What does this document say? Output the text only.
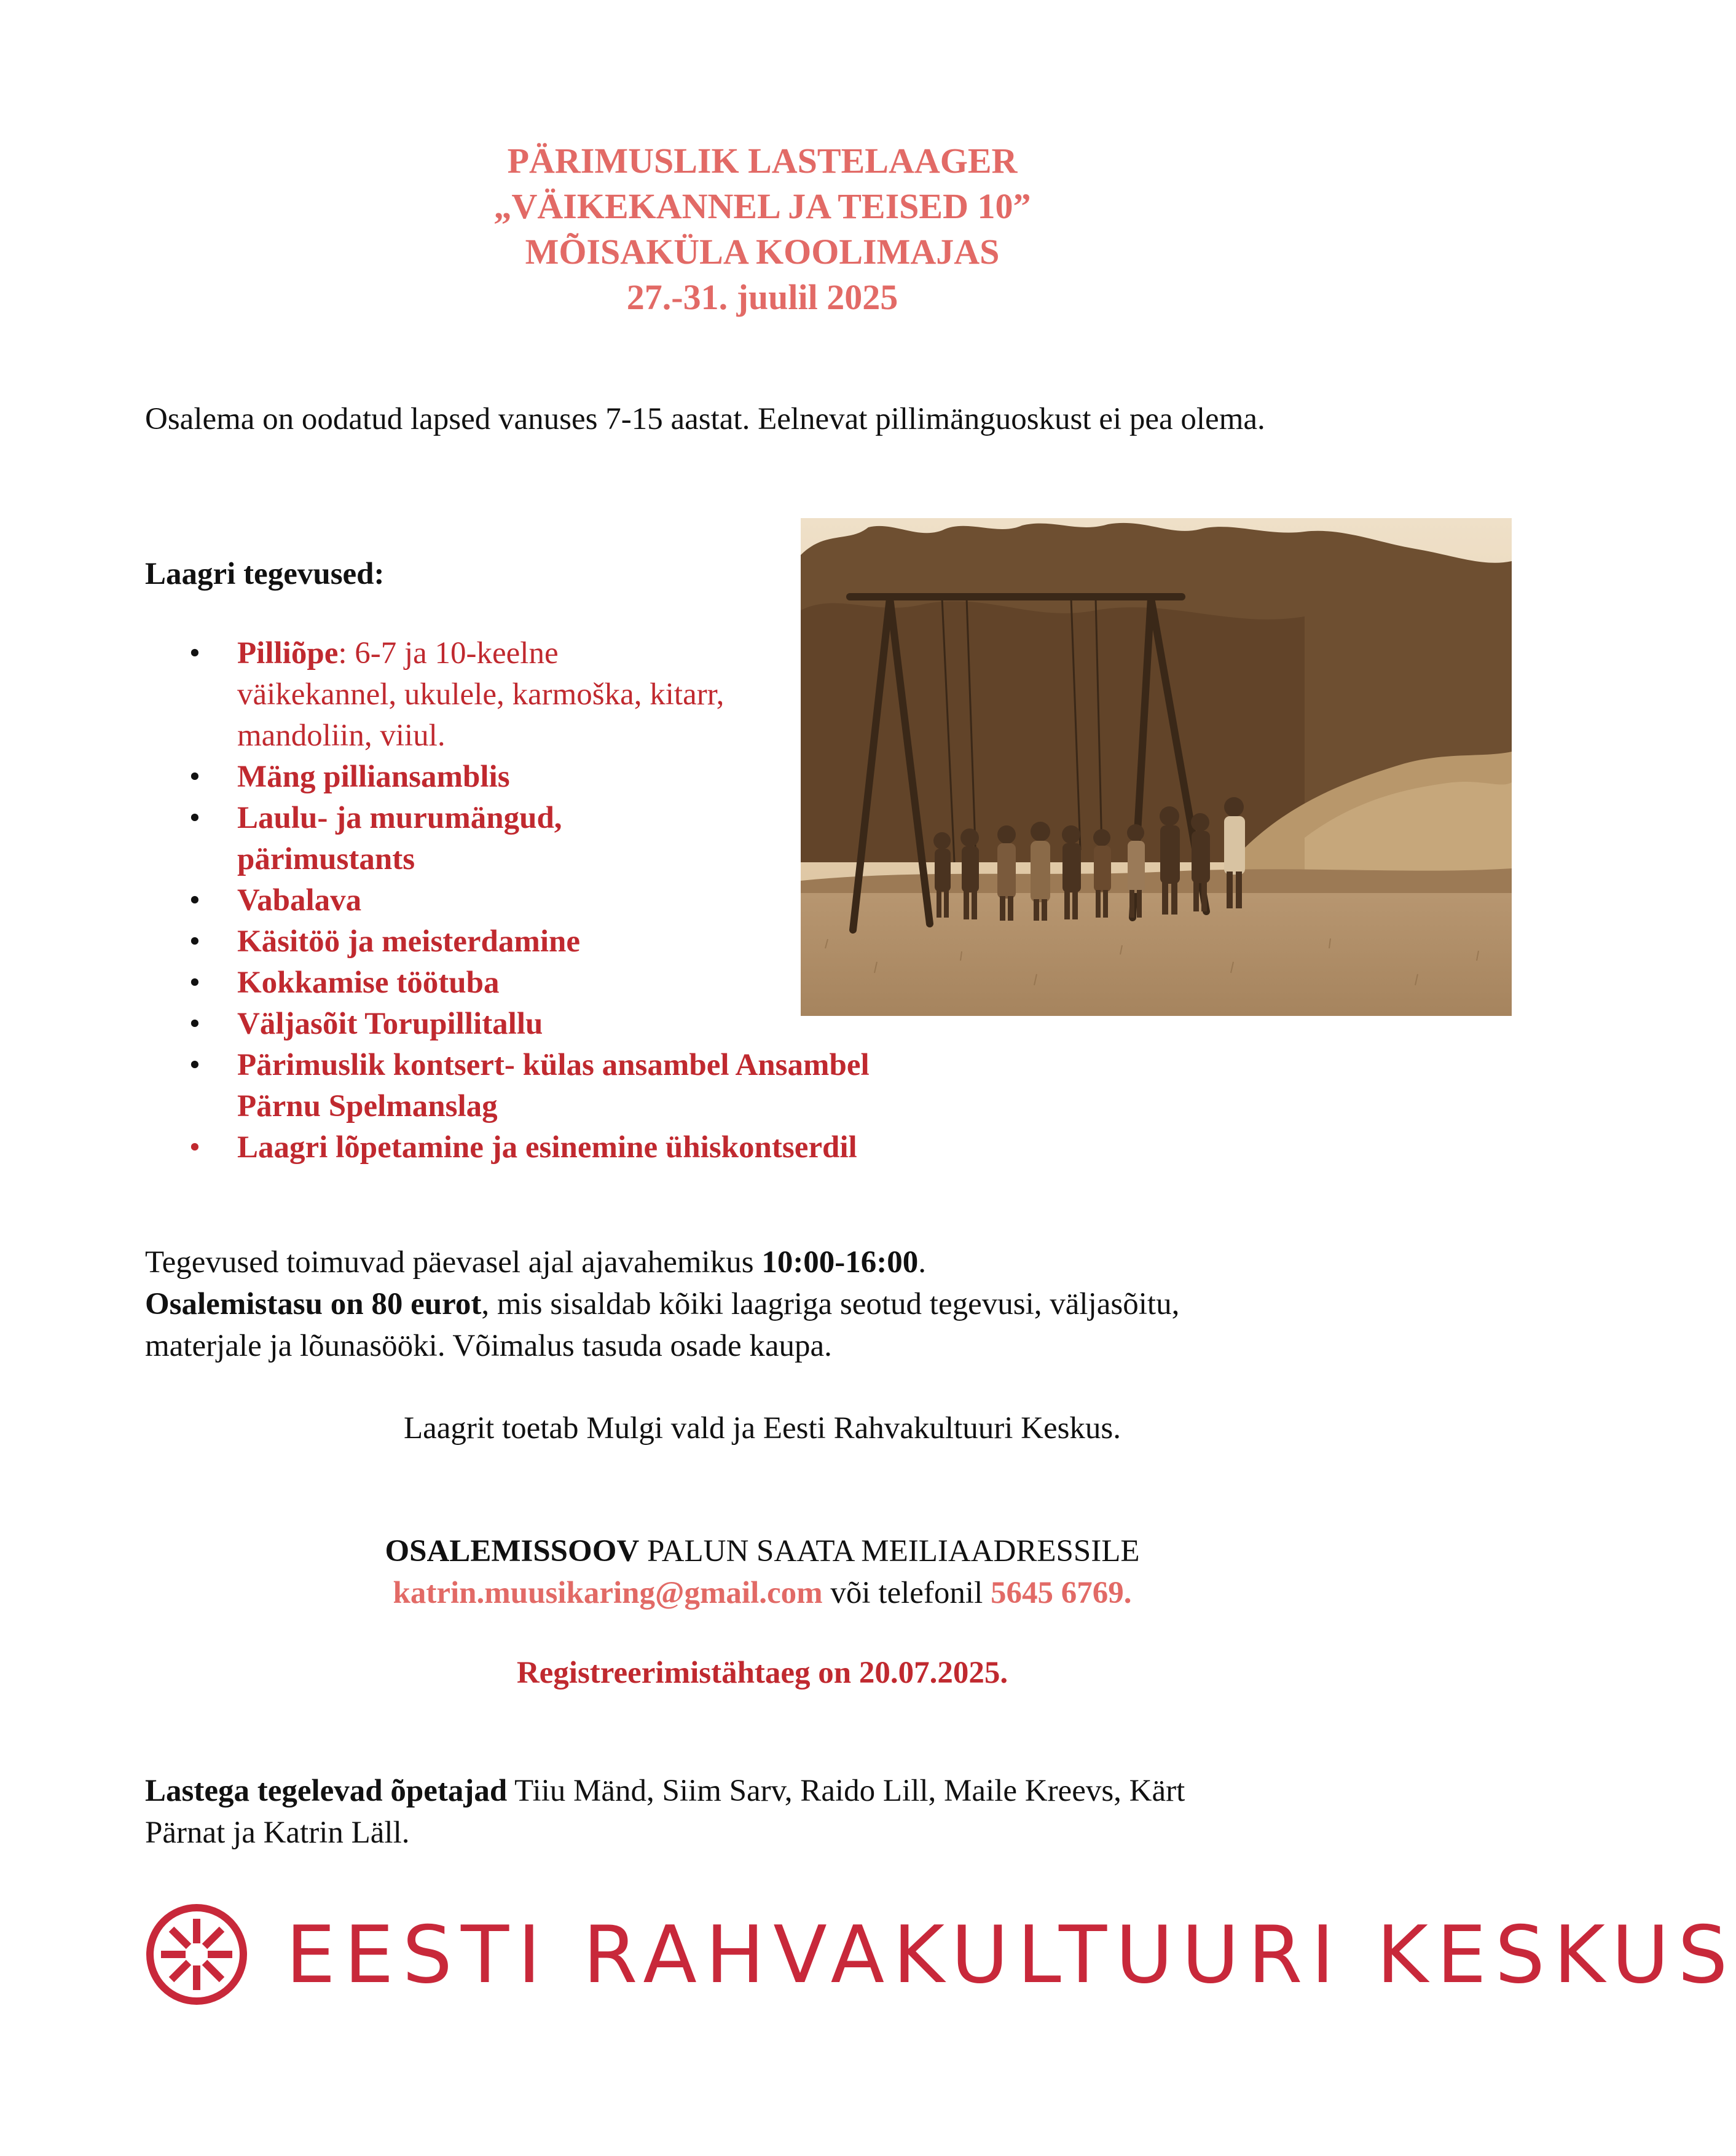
PÄRIMUSLIK LASTELAAGER
„VÄIKEKANNEL JA TEISED 10”
MÕISAKÜLA KOOLIMAJAS
27.-31. juulil 2025
Osalema on oodatud lapsed vanuses 7-15 aastat. Eelnevat pillimänguoskust ei pea olema.
Laagri tegevused:
• Pilliõpe: 6-7 ja 10-keelne
väikekannel, ukulele, karmoška, kitarr,
mandoliin, viiul.
• Mäng pilliansamblis
• Laulu- ja murumängud,
pärimustants
• Vabalava
• Käsitöö ja meisterdamine
• Kokkamise töötuba
• Väljasõit Torupillitallu
• Pärimuslik kontsert- külas ansambel Ansambel
Pärnu Spelmanslag
• Laagri lõpetamine ja esinemine ühiskontserdil
Tegevused toimuvad päevasel ajal ajavahemikus 10:00-16:00.
Osalemistasu on 80 eurot, mis sisaldab kõiki laagriga seotud tegevusi, väljasõitu,
materjale ja lõunasööki. Võimalus tasuda osade kaupa.
Laagrit toetab Mulgi vald ja Eesti Rahvakultuuri Keskus.
OSALEMISSOOV PALUN SAATA MEILIAADRESSILE
katrin.muusikaring@gmail.com või telefonil 5645 6769.
Registreerimistähtaeg on 20.07.2025.
Lastega tegelevad õpetajad Tiiu Mänd, Siim Sarv, Raido Lill, Maile Kreevs, Kärt
Pärnat ja Katrin Läll.
EESTI RAHVAKULTUURI KESKUS
